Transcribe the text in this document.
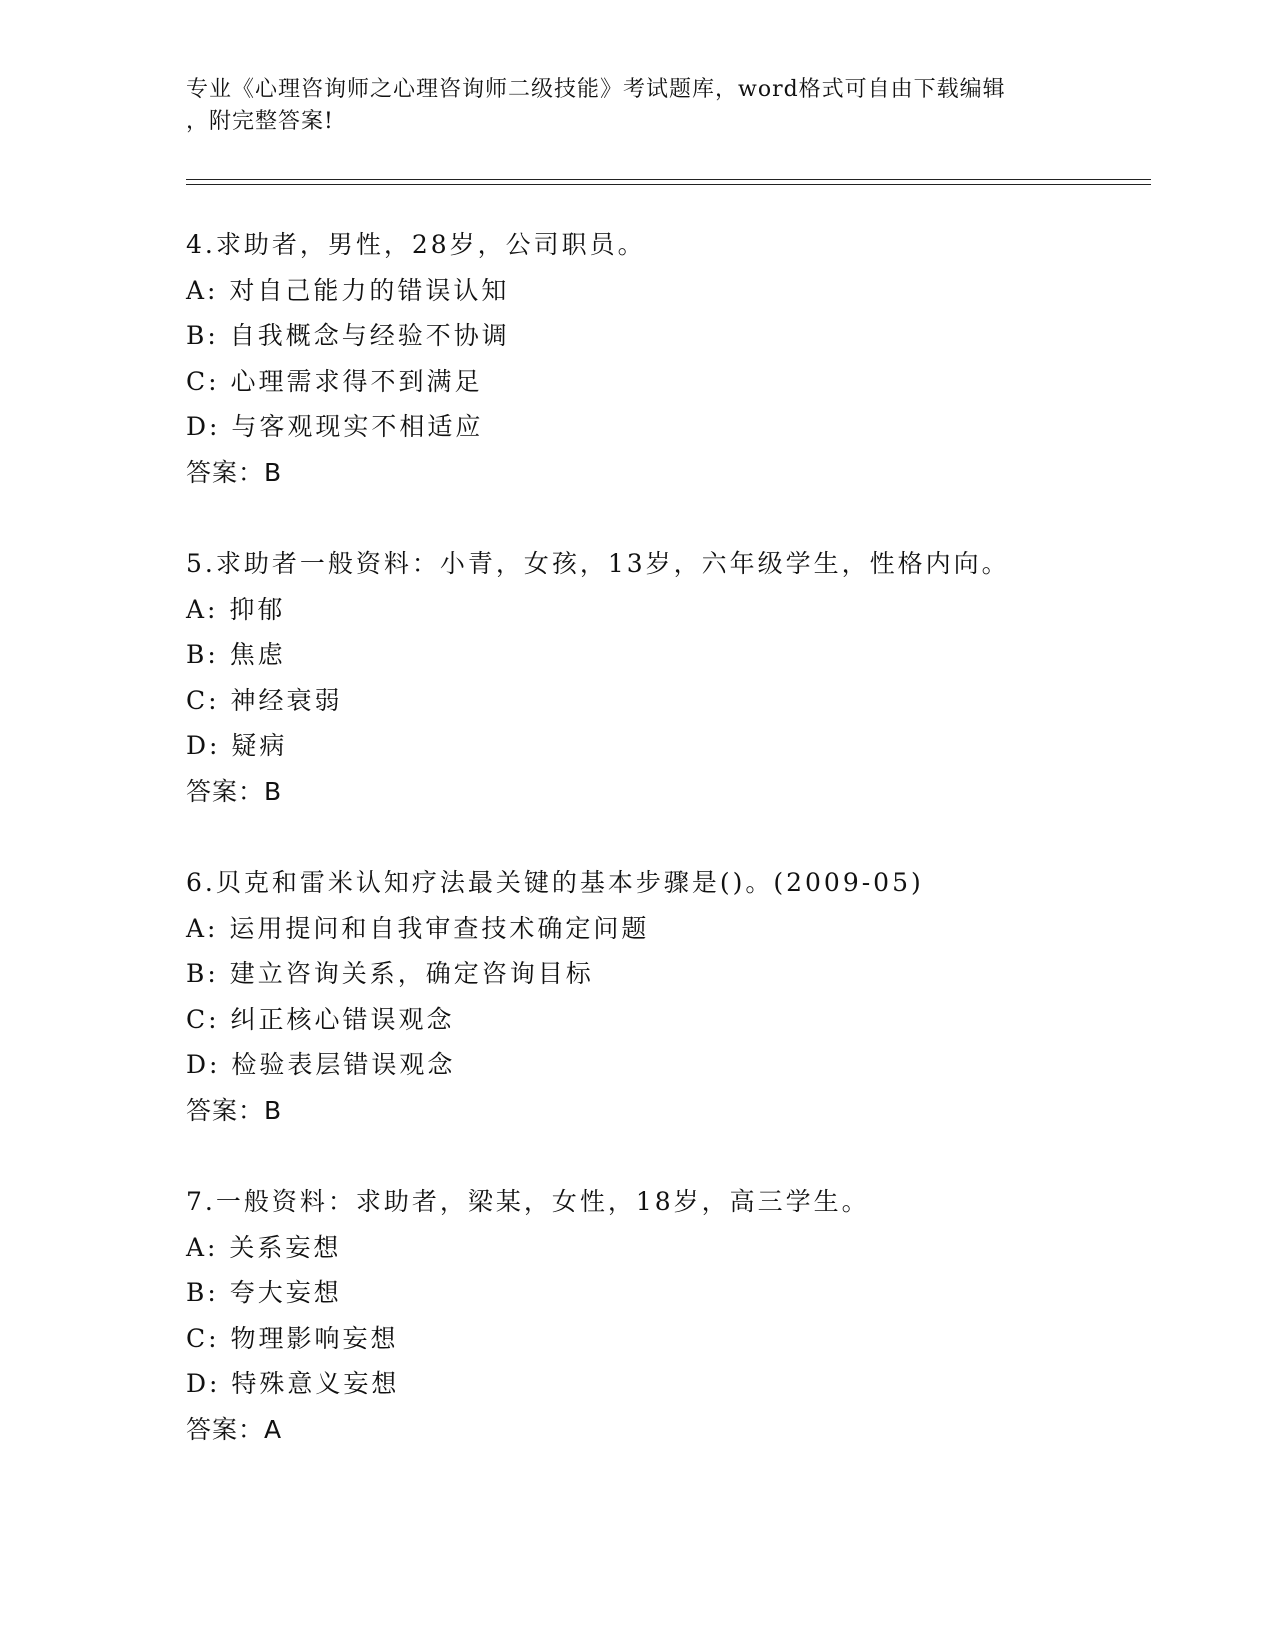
专业《心理咨询师之心理咨询师二级技能》考试题库，word格式可自由下载编辑
，附完整答案!
4.求助者，男性，28岁，公司职员。
A: 对自己能力的错误认知
B: 自我概念与经验不协调
C: 心理需求得不到满足
D: 与客观现实不相适应
答案：B
5.求助者一般资料：小青，女孩，13岁，六年级学生，性格内向。
A: 抑郁
B: 焦虑
C: 神经衰弱
D: 疑病
答案：B
6.贝克和雷米认知疗法最关键的基本步骤是()。(2009-05)
A: 运用提问和自我审查技术确定问题
B: 建立咨询关系，确定咨询目标
C: 纠正核心错误观念
D: 检验表层错误观念
答案：B
7.一般资料：求助者，梁某，女性，18岁，高三学生。
A: 关系妄想
B: 夸大妄想
C: 物理影响妄想
D: 特殊意义妄想
答案：A
